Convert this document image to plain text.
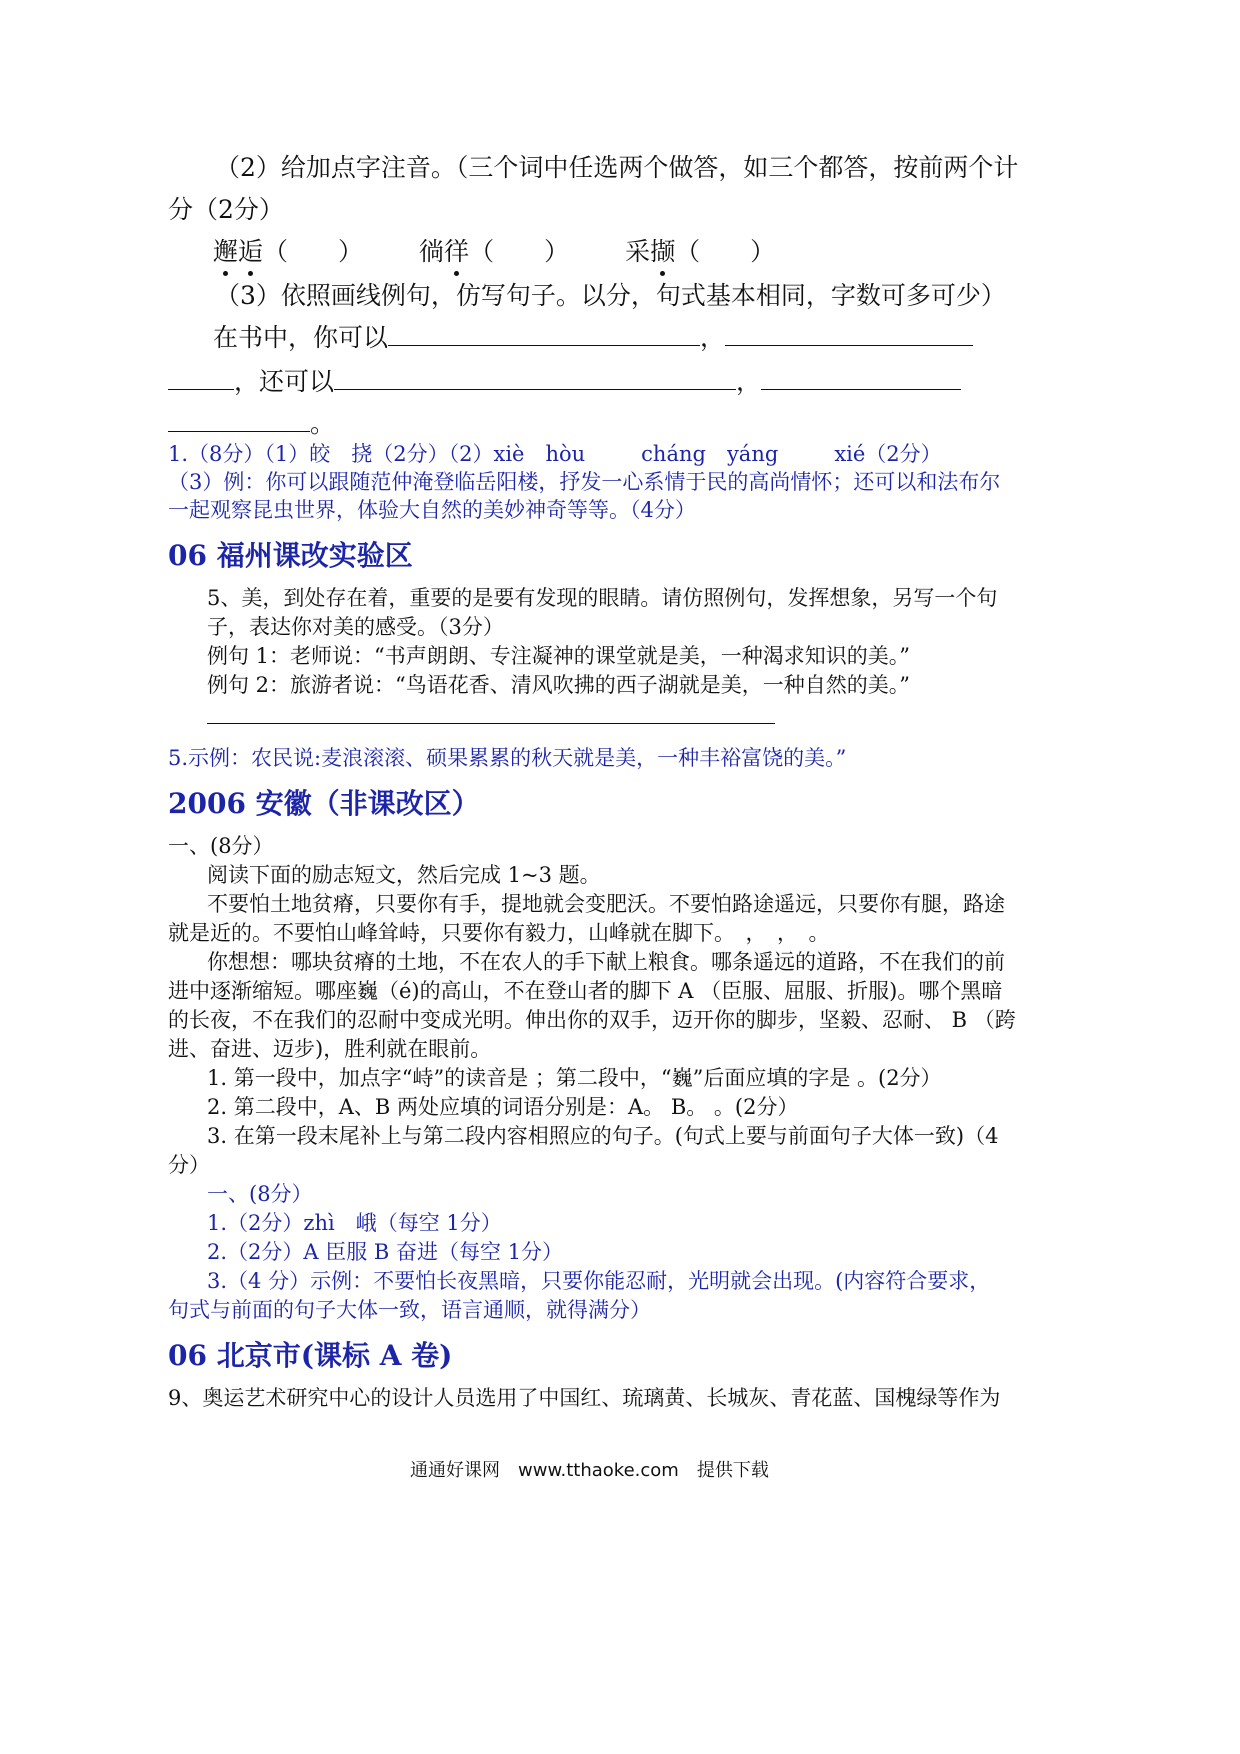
（2）给加点字注音。（三个词中任选两个做答，如三个都答，按前两个计

分（2分）

邂逅（　　） 徜徉（　　） 采撷（　　）

（3）依照画线例句，仿写句子。以分，句式基本相同，字数可多可少）

在书中，你可以	，

，还可以	，

。

1.（8分）（1）皎　挠（2分）（2）xiè　hòu	cháng　yáng	xié（2分）

（3）例：你可以跟随范仲淹登临岳阳楼，抒发一心系情于民的高尚情怀；还可以和法布尔

一起观察昆虫世界，体验大自然的美妙神奇等等。（4分）

06 福州课改实验区

5、美，到处存在着，重要的是要有发现的眼睛。请仿照例句，发挥想象，另写一个句

子，表达你对美的感受。（3分）

例句 1：老师说：“书声朗朗、专注凝神的课堂就是美，一种渴求知识的美。”

例句 2：旅游者说：“鸟语花香、清风吹拂的西子湖就是美，一种自然的美。”

5.示例：农民说:麦浪滚滚、硕果累累的秋天就是美，一种丰裕富饶的美。”

2006 安徽（非课改区）

一、(8分）

阅读下面的励志短文，然后完成 1~3 题。

不要怕土地贫瘠，只要你有手，提地就会变肥沃。不要怕路途遥远，只要你有腿，路途

就是近的。不要怕山峰耸峙，只要你有毅力，山峰就在脚下。　，　，　。

你想想：哪块贫瘠的土地，不在农人的手下献上粮食。哪条遥远的道路，不在我们的前

进中逐渐缩短。哪座巍（é)的高山，不在登山者的脚下 A （臣服、屈服、折服)。哪个黑暗

的长夜，不在我们的忍耐中变成光明。伸出你的双手，迈开你的脚步，坚毅、忍耐、 B （跨

进、奋进、迈步)，胜利就在眼前。

1. 第一段中，加点字“峙”的读音是 ；第二段中，“巍”后面应填的字是 。(2分）

2. 第二段中，A、B 两处应填的词语分别是：A。 B。 。(2分）

3. 在第一段末尾补上与第二段内容相照应的句子。(句式上要与前面句子大体一致)（4

分）

一、(8分）

1.（2分）zhì　峨（每空 1分）

2.（2分）A 臣服 B 奋进（每空 1分）

3.（4 分）示例：不要怕长夜黑暗，只要你能忍耐，光明就会出现。(内容符合要求，

句式与前面的句子大体一致，语言通顺，就得满分）

06 北京市(课标 A 卷)

9、奥运艺术研究中心的设计人员选用了中国红、琉璃黄、长城灰、青花蓝、国槐绿等作为

通通好课网　www.tthaoke.com　提供下载
